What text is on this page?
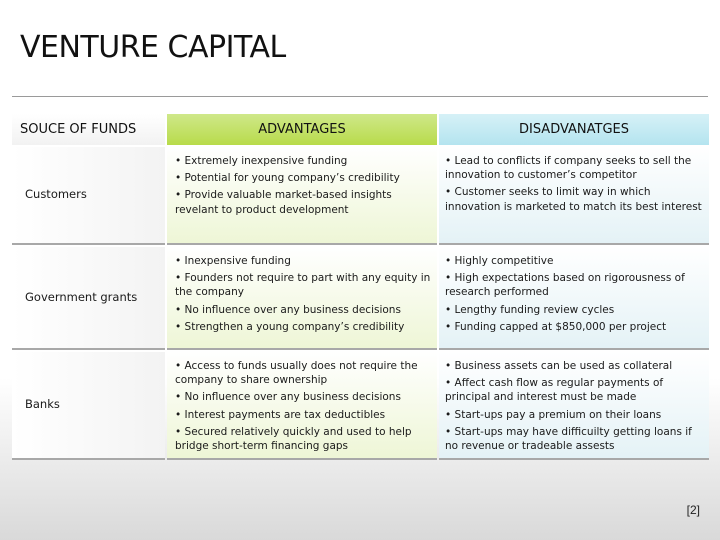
VENTURE CAPITAL
SOUCE OF FUNDS	ADVANTAGES	DISADVANATGES
Customers

• Extremely inexpensive funding

• Potential for young company’s credibility

• Provide valuable market-based insights revelant to product development

• Lead to conflicts if company seeks to sell the innovation to customer’s competitor

• Customer seeks to limit way in which innovation is marketed to match its best interest

Government grants

• Inexpensive funding

• Founders not require to part with any equity in the company

• No influence over any business decisions

• Strengthen a young company’s credibility

• Highly competitive

• High expectations based on rigorousness of research performed

• Lengthy funding review cycles

• Funding capped at $850,000 per project

Banks

• Access to funds usually does not require the company to share ownership

• No influence over any business decisions

• Interest payments are tax deductibles

• Secured relatively quickly and used to help bridge short-term financing gaps

• Business assets can be used as collateral

• Affect cash flow as regular payments of principal and interest must be made

• Start-ups pay a premium on their loans

• Start-ups may have difficuilty getting loans if no revenue or tradeable assests

[2]
